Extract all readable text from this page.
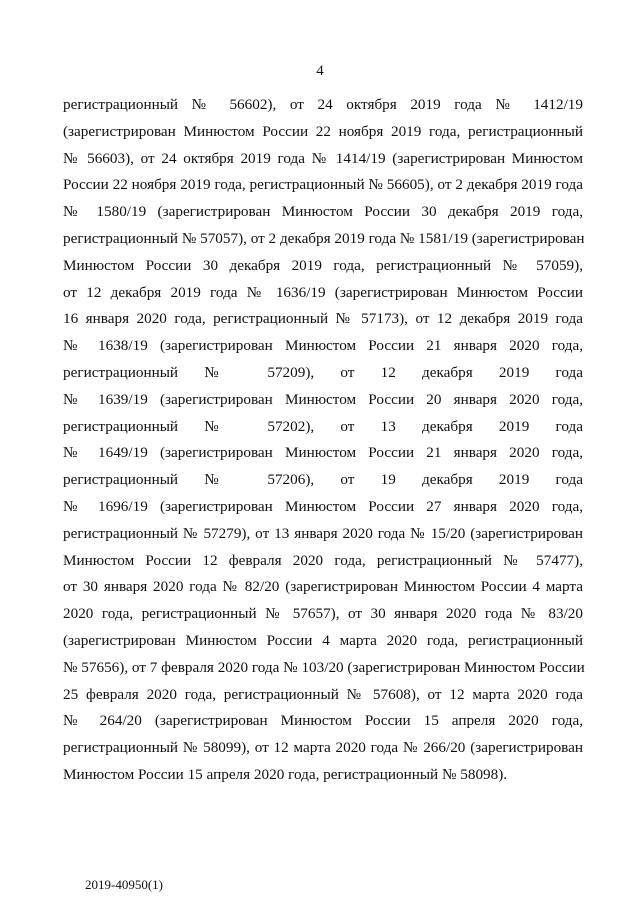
4
регистрационный № 56602), от 24 октября 2019 года № 1412/19
(зарегистрирован Минюстом России 22 ноября 2019 года, регистрационный
№ 56603), от 24 октября 2019 года № 1414/19 (зарегистрирован Минюстом
России 22 ноября 2019 года, регистрационный № 56605), от 2 декабря 2019 года
№ 1580/19 (зарегистрирован Минюстом России 30 декабря 2019 года,
регистрационный № 57057), от 2 декабря 2019 года № 1581/19 (зарегистрирован
Минюстом России 30 декабря 2019 года, регистрационный № 57059),
от 12 декабря 2019 года № 1636/19 (зарегистрирован Минюстом России
16 января 2020 года, регистрационный № 57173), от 12 декабря 2019 года
№ 1638/19 (зарегистрирован Минюстом России 21 января 2020 года,
регистрационный № 57209), от 12 декабря 2019 года
№ 1639/19 (зарегистрирован Минюстом России 20 января 2020 года,
регистрационный № 57202), от 13 декабря 2019 года
№ 1649/19 (зарегистрирован Минюстом России 21 января 2020 года,
регистрационный № 57206), от 19 декабря 2019 года
№ 1696/19 (зарегистрирован Минюстом России 27 января 2020 года,
регистрационный № 57279), от 13 января 2020 года № 15/20 (зарегистрирован
Минюстом России 12 февраля 2020 года, регистрационный № 57477),
от 30 января 2020 года № 82/20 (зарегистрирован Минюстом России 4 марта
2020 года, регистрационный № 57657), от 30 января 2020 года № 83/20
(зарегистрирован Минюстом России 4 марта 2020 года, регистрационный
№ 57656), от 7 февраля 2020 года № 103/20 (зарегистрирован Минюстом России
25 февраля 2020 года, регистрационный № 57608), от 12 марта 2020 года
№ 264/20 (зарегистрирован Минюстом России 15 апреля 2020 года,
регистрационный № 58099), от 12 марта 2020 года № 266/20 (зарегистрирован
Минюстом России 15 апреля 2020 года, регистрационный № 58098).
2019-40950(1)
